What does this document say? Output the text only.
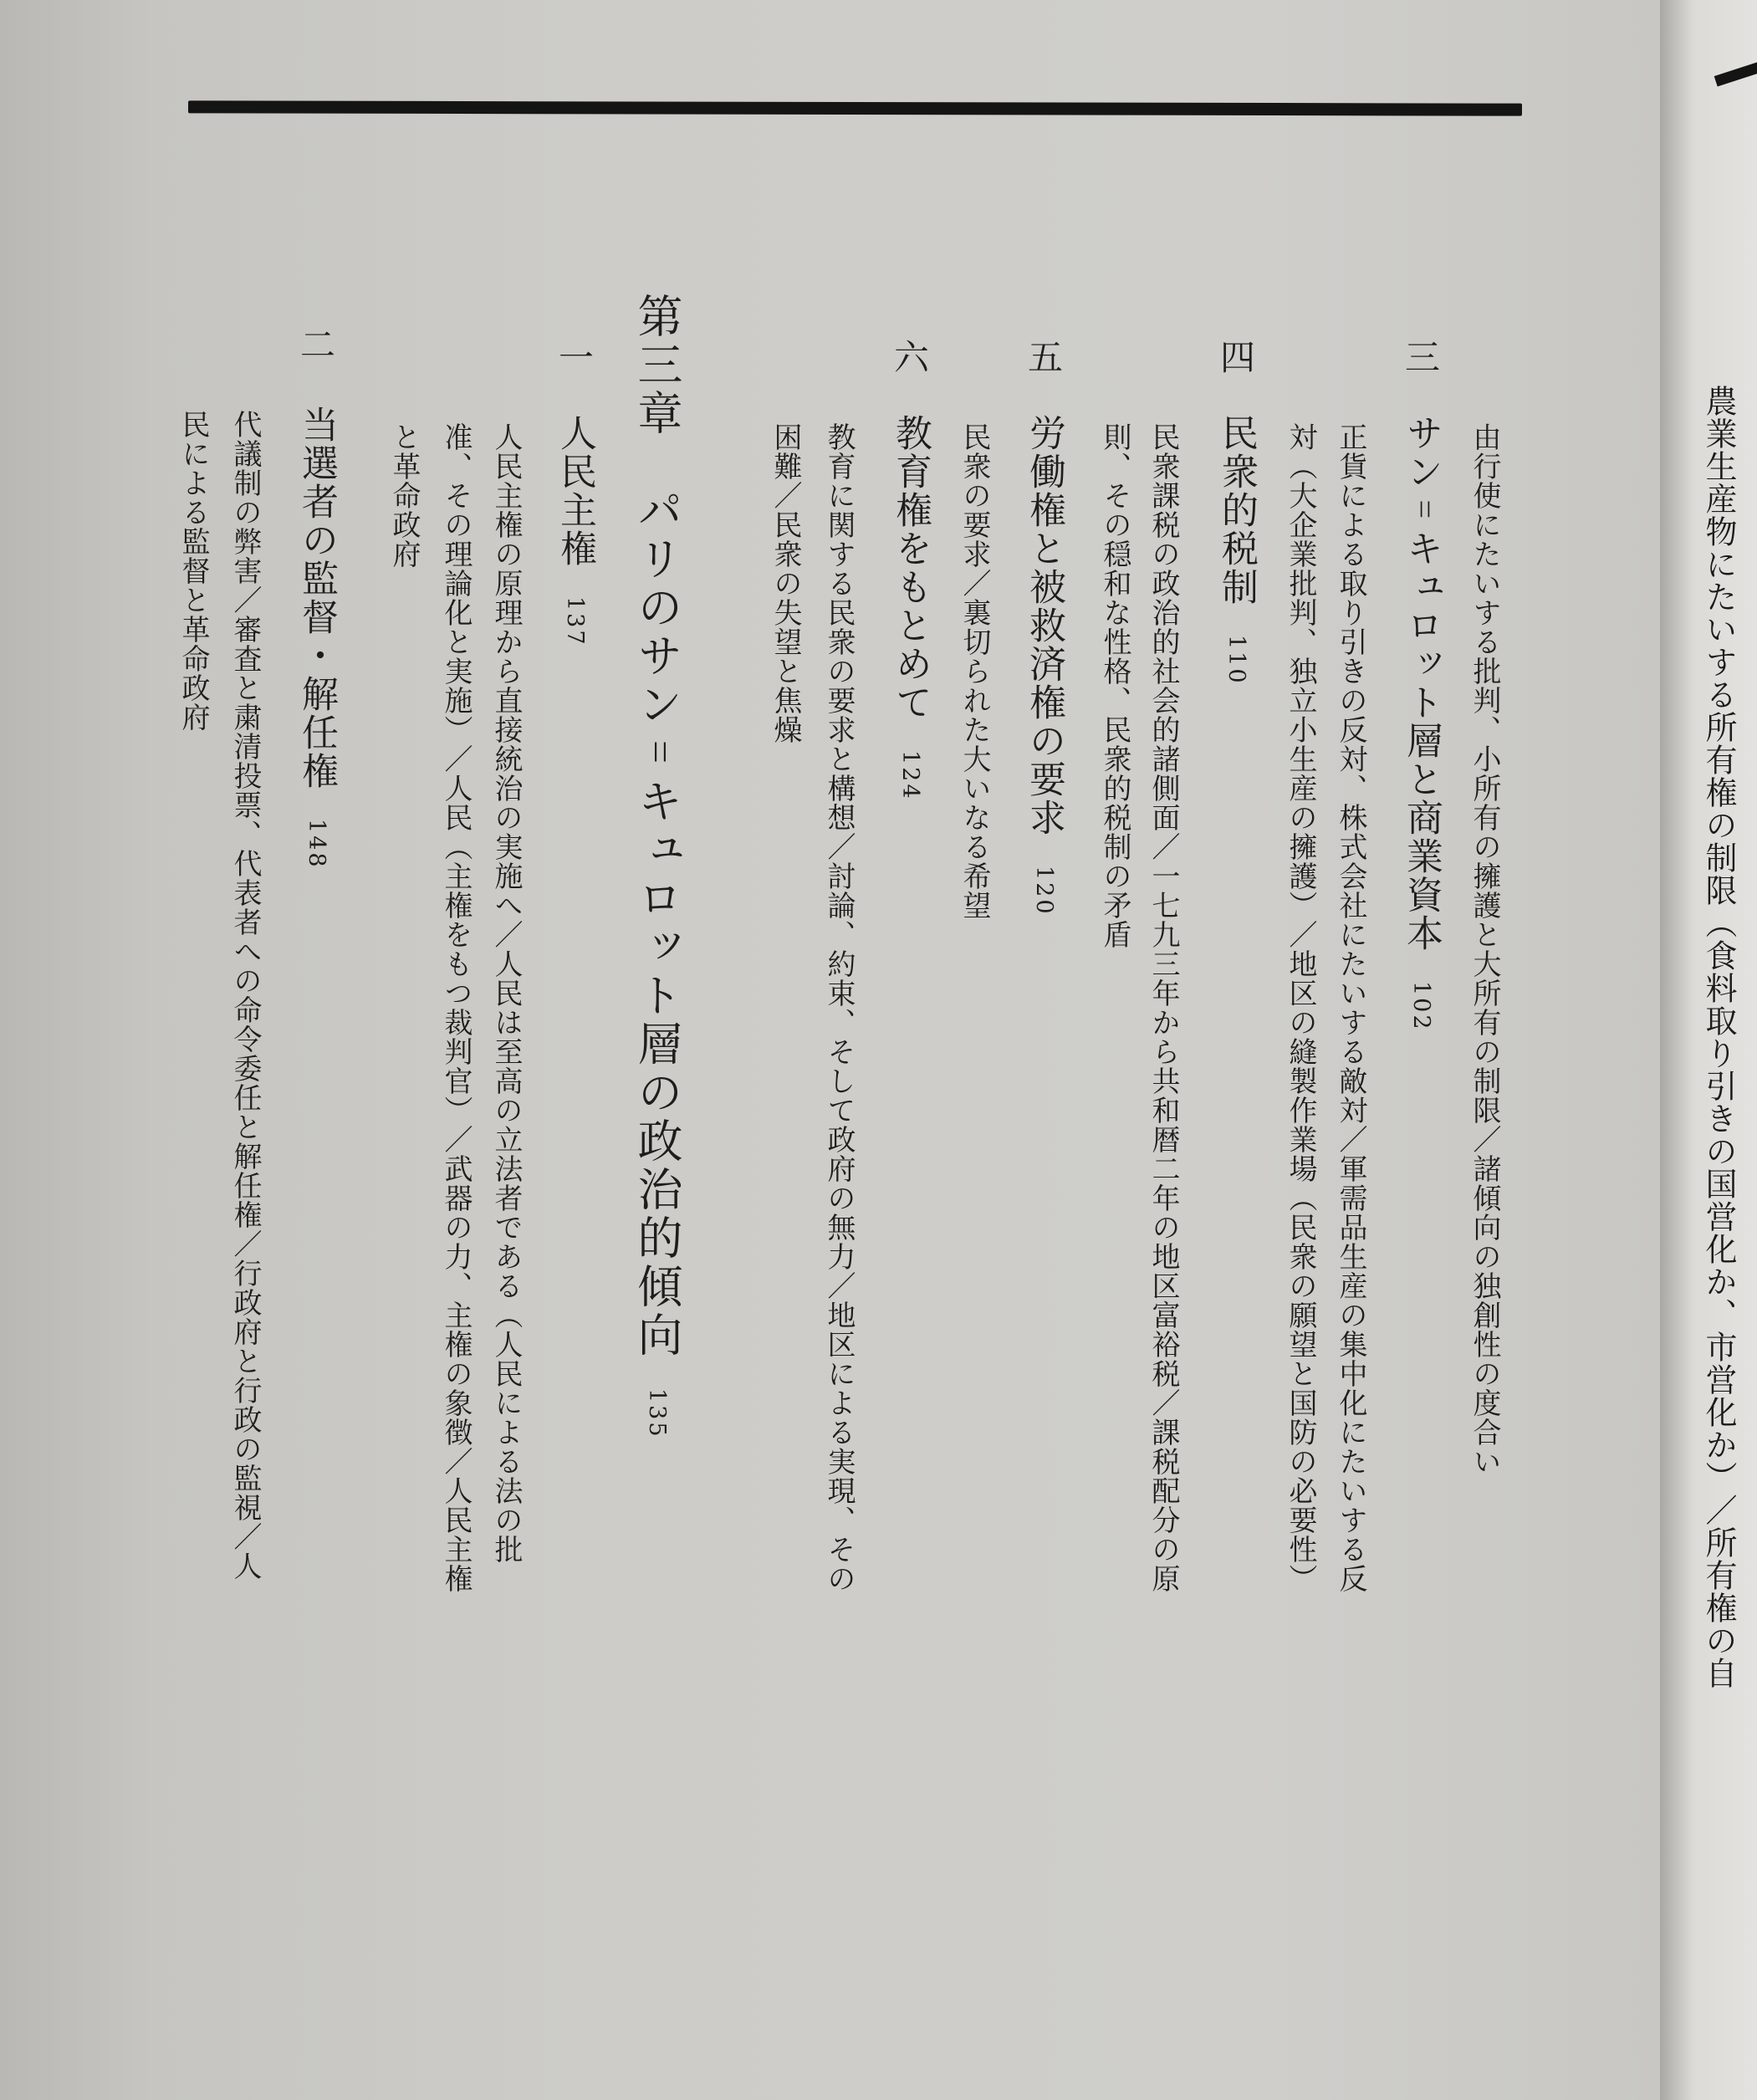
由行使にたいする批判、小所有の擁護と大所有の制限／諸傾向の独創性の度合い
三
サン゠キュロット層と商業資本102
正貨による取り引きの反対、株式会社にたいする敵対／軍需品生産の集中化にたいする反
対（大企業批判、独立小生産の擁護）／地区の縫製作業場（民衆の願望と国防の必要性）
四
民衆的税制110
民衆課税の政治的社会的諸側面／一七九三年から共和暦二年の地区富裕税／課税配分の原
則、その穏和な性格、民衆的税制の矛盾
五
労働権と被救済権の要求120
民衆の要求／裏切られた大いなる希望
六
教育権をもとめて124
教育に関する民衆の要求と構想／討論、約束、そして政府の無力／地区による実現、その
困難／民衆の失望と焦燥
第三章　パリのサン゠キュロット層の政治的傾向135
一
人民主権137
人民主権の原理から直接統治の実施へ／人民は至高の立法者である（人民による法の批
准、その理論化と実施）／人民（主権をもつ裁判官）／武器の力、主権の象徴／人民主権
と革命政府
二
当選者の監督・解任権148
代議制の弊害／審査と粛清投票、代表者への命令委任と解任権／行政府と行政の監視／人
民による監督と革命政府	農業生産物にたいする所有権の制限（食料取り引きの国営化か、市営化か）／所有権の自
